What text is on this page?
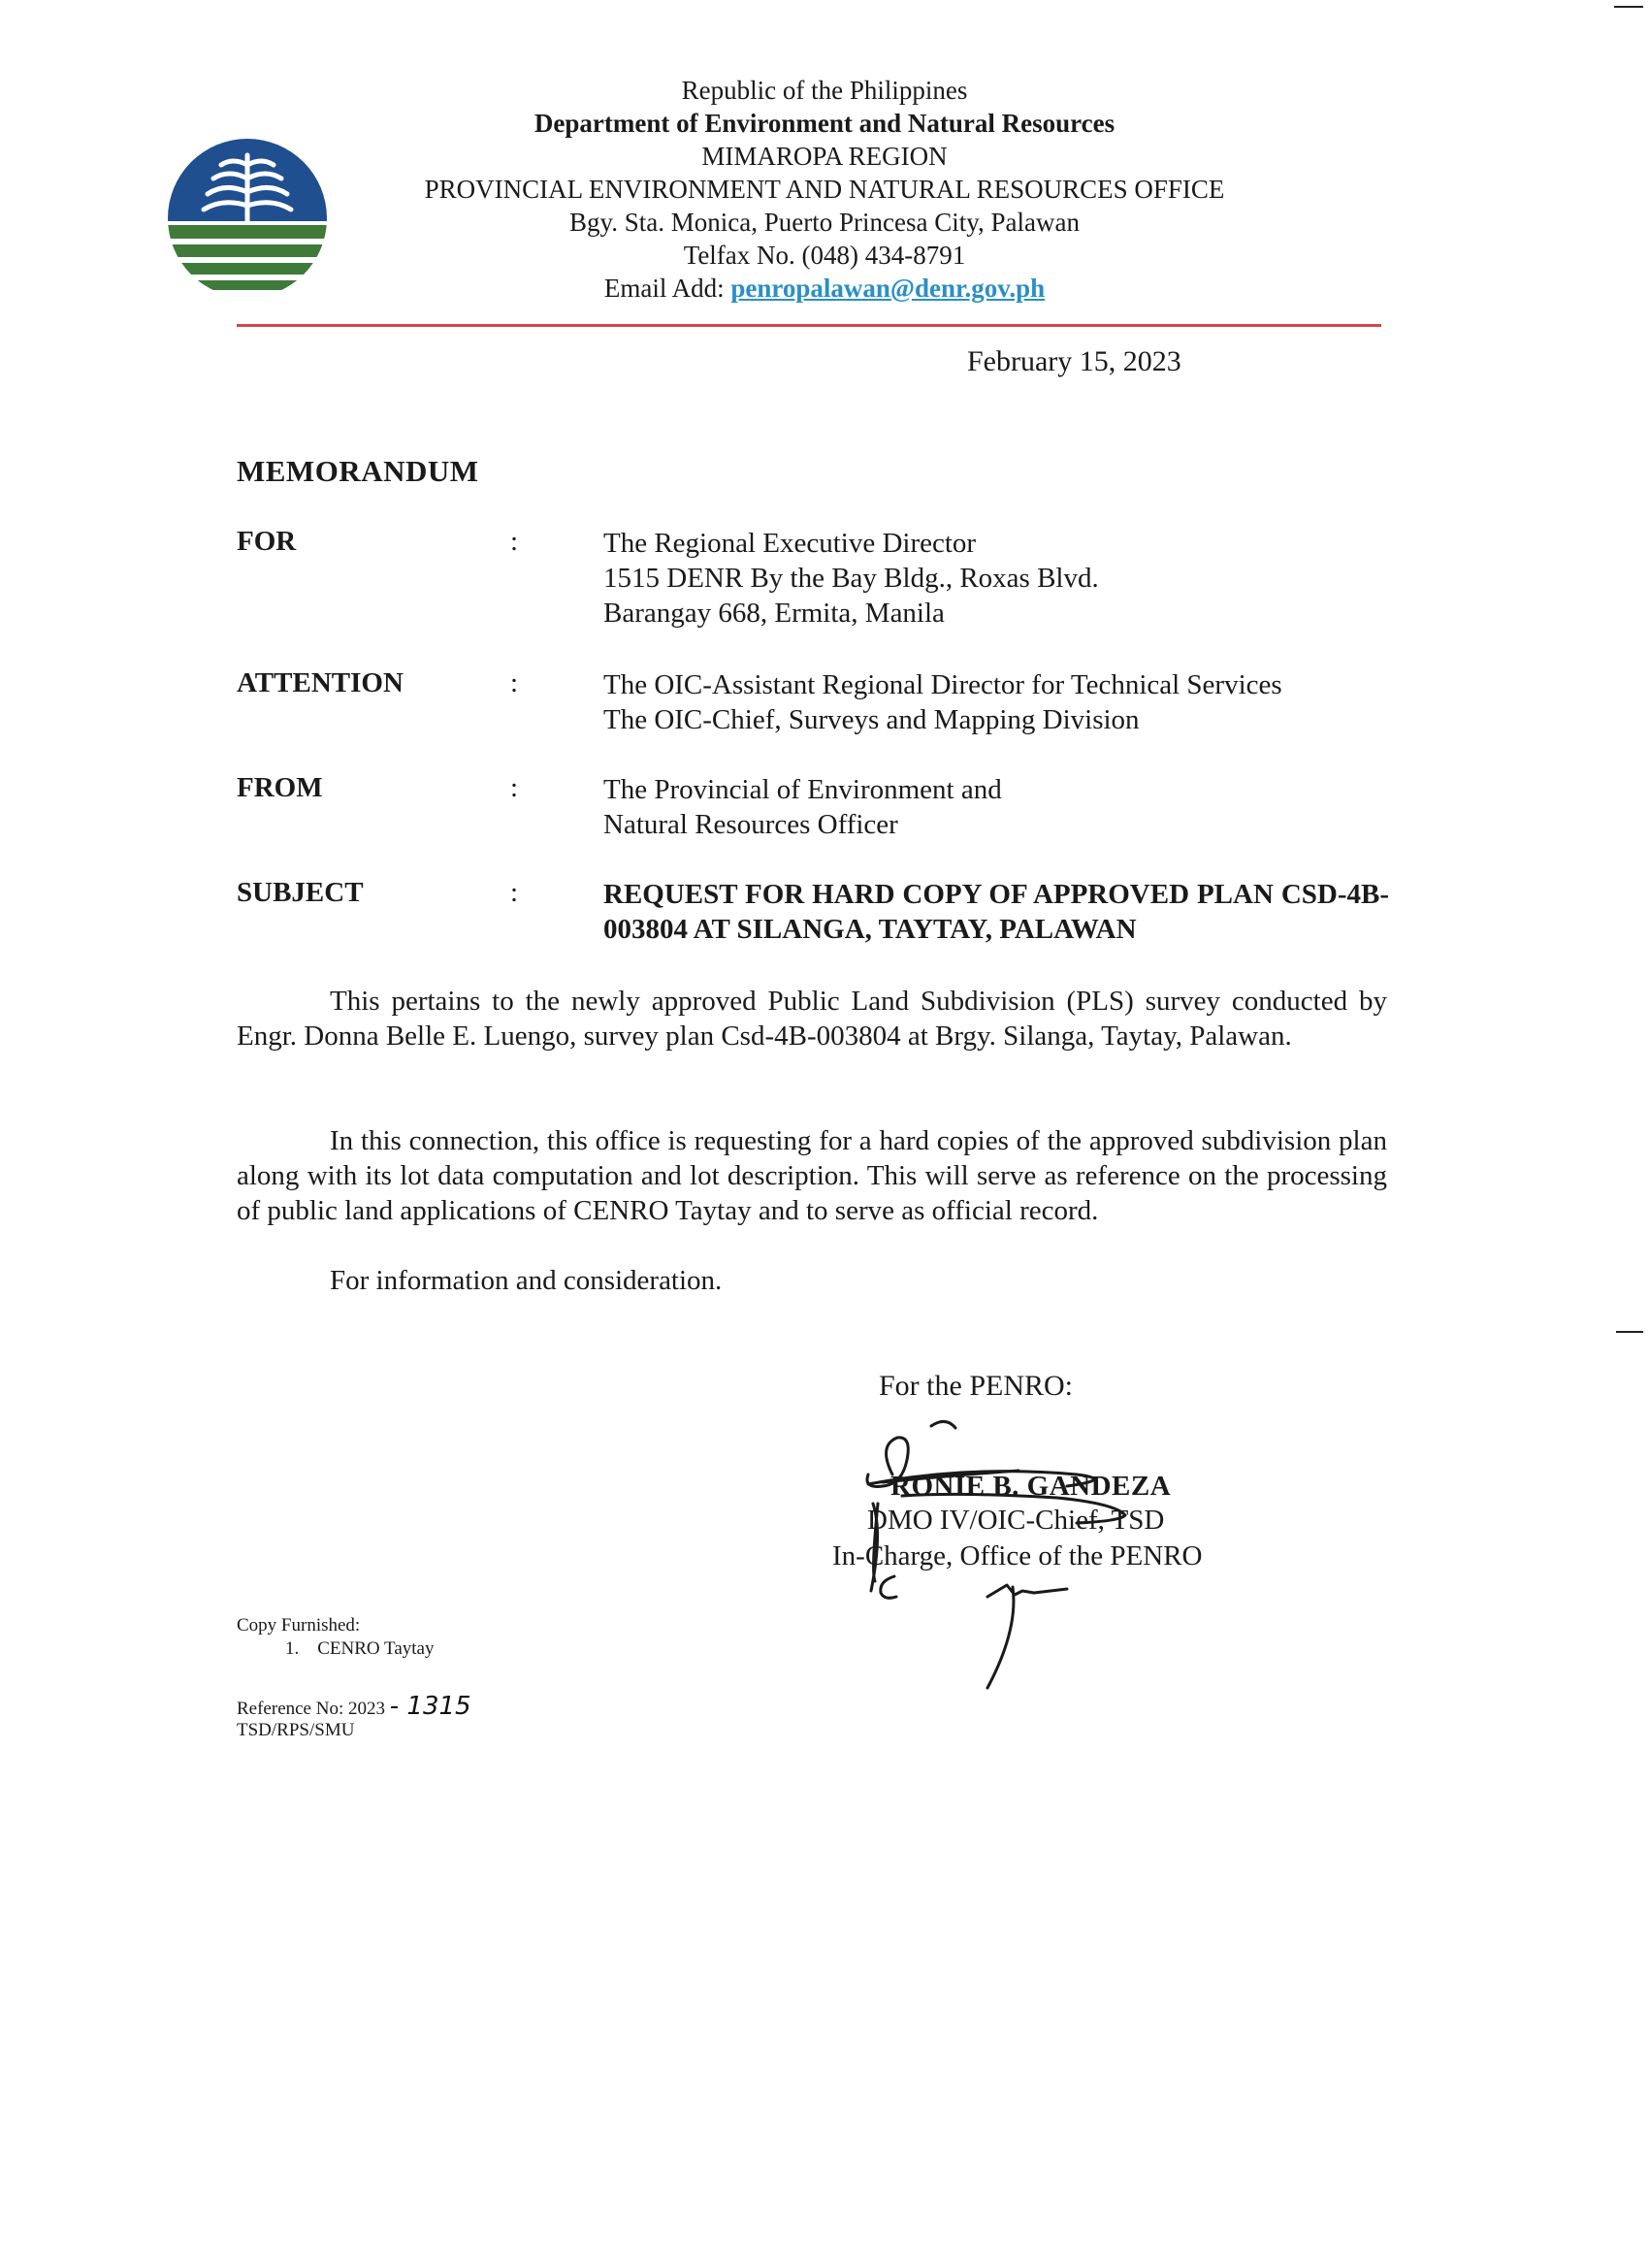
Republic of the Philippines
Department of Environment and Natural Resources
MIMAROPA REGION
PROVINCIAL ENVIRONMENT AND NATURAL RESOURCES OFFICE
Bgy. Sta. Monica, Puerto Princesa City, Palawan
Telfax No. (048) 434-8791
Email Add: penropalawan@denr.gov.ph
February 15, 2023
MEMORANDUM
FOR	:	The Regional Executive Director
1515 DENR By the Bay Bldg., Roxas Blvd.
Barangay 668, Ermita, Manila
ATTENTION	:	The OIC-Assistant Regional Director for Technical Services
The OIC-Chief, Surveys and Mapping Division
FROM	:	The Provincial of Environment and
Natural Resources Officer
SUBJECT	:	REQUEST FOR HARD COPY OF APPROVED PLAN CSD-4B-003804 AT SILANGA, TAYTAY, PALAWAN
This pertains to the newly approved Public Land Subdivision (PLS) survey conducted by Engr. Donna Belle E. Luengo, survey plan Csd-4B-003804 at Brgy. Silanga, Taytay, Palawan.
In this connection, this office is requesting for a hard copies of the approved subdivision plan along with its lot data computation and lot description. This will serve as reference on the processing of public land applications of CENRO Taytay and to serve as official record.
For information and consideration.
For the PENRO:
RONIE B. GANDEZA
DMO IV/OIC-Chief, TSD
In-Charge, Office of the PENRO
Copy Furnished:
1.    CENRO Taytay
Reference No: 2023 - 1315
TSD/RPS/SMU
